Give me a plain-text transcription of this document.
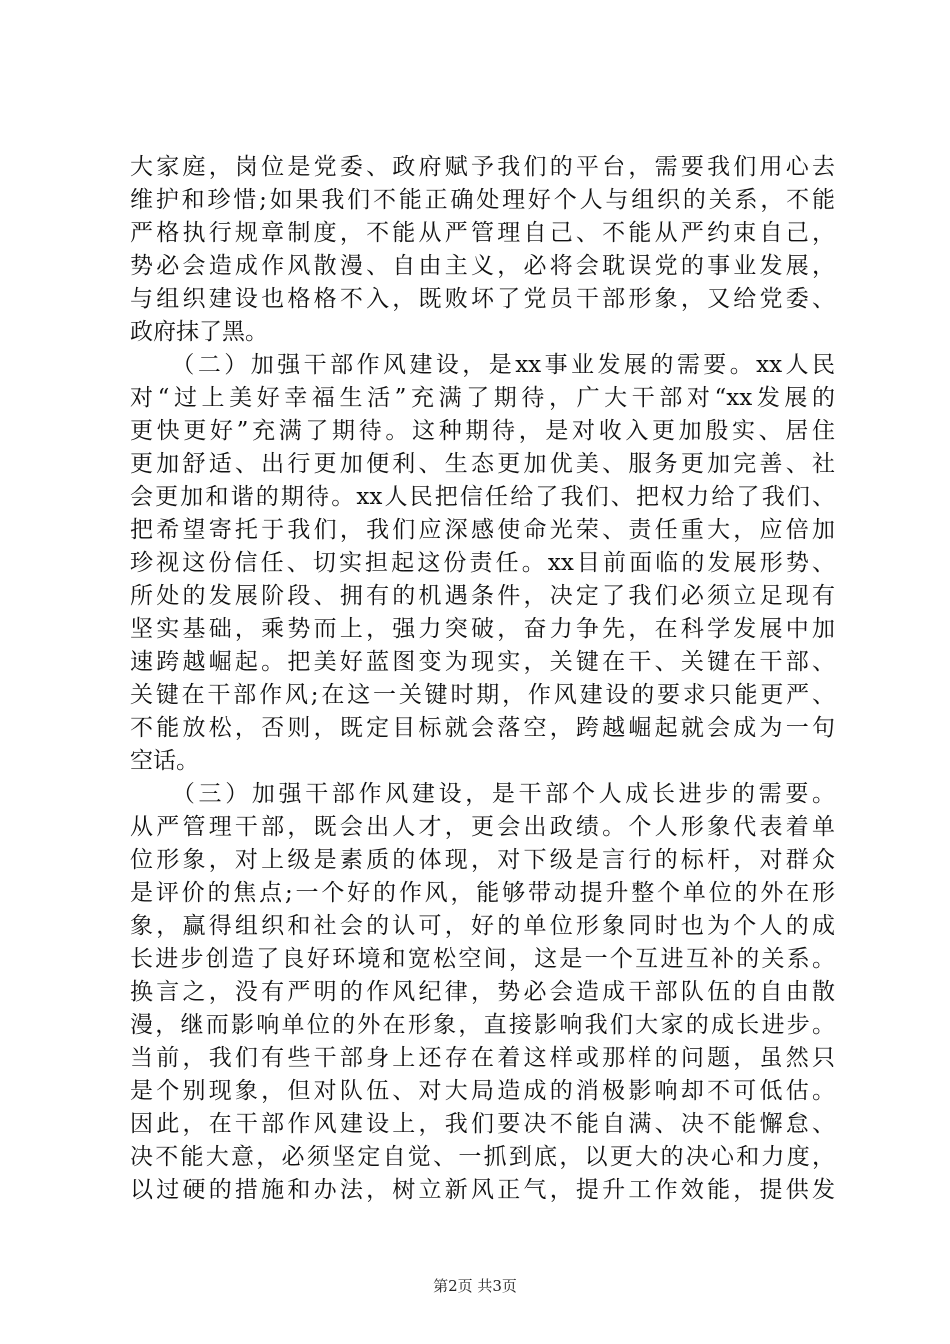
大家庭，岗位是党委、政府赋予我们的平台，需要我们用心去
维护和珍惜;如果我们不能正确处理好个人与组织的关系，不能
严格执行规章制度，不能从严管理自己、不能从严约束自己，
势必会造成作风散漫、自由主义，必将会耽误党的事业发展，
与组织建设也格格不入，既败坏了党员干部形象，又给党委、
政府抹了黑。
　　（二）加强干部作风建设，是xx事业发展的需要。xx人民
对“过上美好幸福生活”充满了期待，广大干部对“xx发展的
更快更好”充满了期待。这种期待，是对收入更加殷实、居住
更加舒适、出行更加便利、生态更加优美、服务更加完善、社
会更加和谐的期待。xx人民把信任给了我们、把权力给了我们、
把希望寄托于我们，我们应深感使命光荣、责任重大，应倍加
珍视这份信任、切实担起这份责任。xx目前面临的发展形势、
所处的发展阶段、拥有的机遇条件，决定了我们必须立足现有
坚实基础，乘势而上，强力突破，奋力争先，在科学发展中加
速跨越崛起。把美好蓝图变为现实，关键在干、关键在干部、
关键在干部作风;在这一关键时期，作风建设的要求只能更严、
不能放松，否则，既定目标就会落空，跨越崛起就会成为一句
空话。
　　（三）加强干部作风建设，是干部个人成长进步的需要。
从严管理干部，既会出人才，更会出政绩。个人形象代表着单
位形象，对上级是素质的体现，对下级是言行的标杆，对群众
是评价的焦点;一个好的作风，能够带动提升整个单位的外在形
象，赢得组织和社会的认可，好的单位形象同时也为个人的成
长进步创造了良好环境和宽松空间，这是一个互进互补的关系。
换言之，没有严明的作风纪律，势必会造成干部队伍的自由散
漫，继而影响单位的外在形象，直接影响我们大家的成长进步。
当前，我们有些干部身上还存在着这样或那样的问题，虽然只
是个别现象，但对队伍、对大局造成的消极影响却不可低估。
因此，在干部作风建设上，我们要决不能自满、决不能懈怠、
决不能大意，必须坚定自觉、一抓到底，以更大的决心和力度，
以过硬的措施和办法，树立新风正气，提升工作效能，提供发
第2页 共3页
